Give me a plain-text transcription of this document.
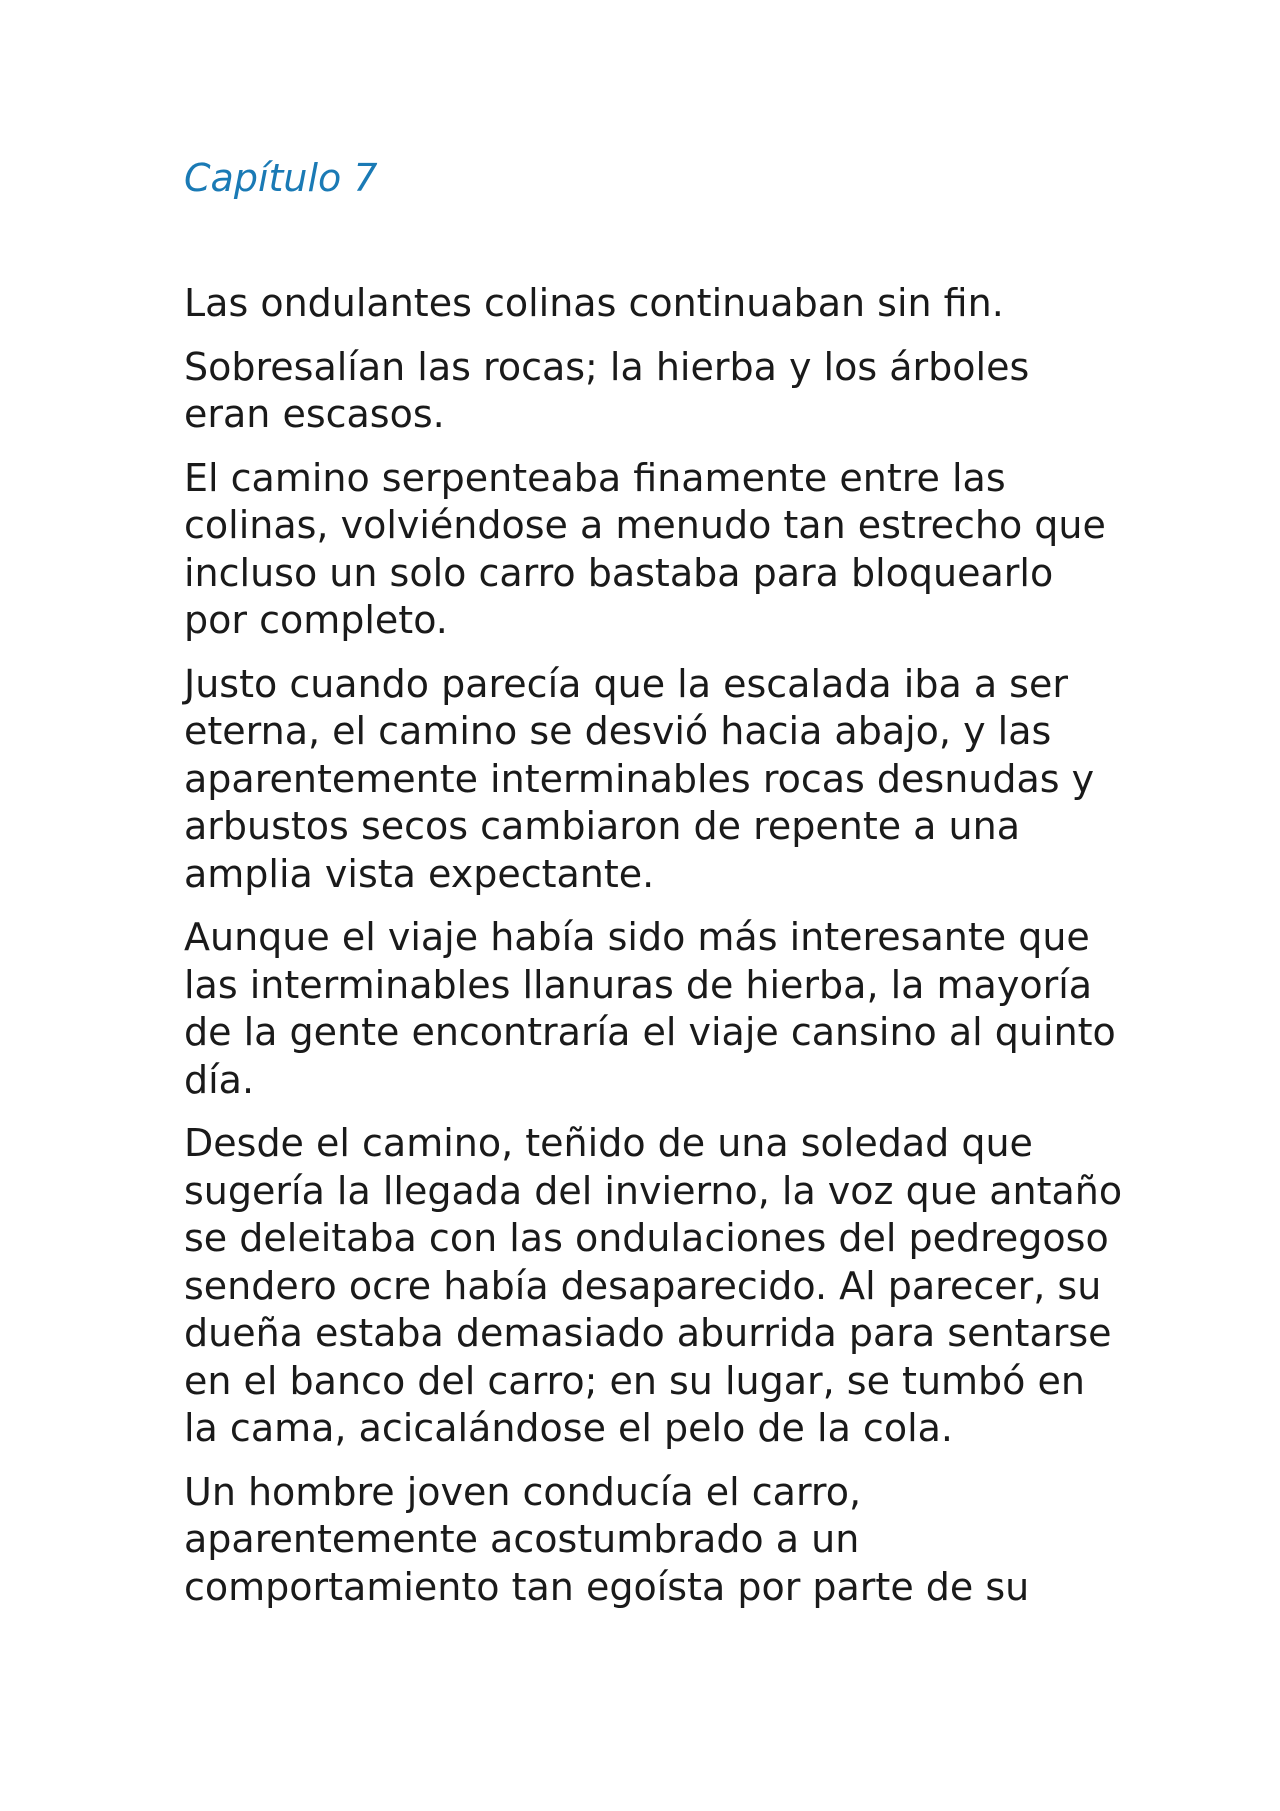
Capítulo 7

Las ondulantes colinas continuaban sin fin.

Sobresalían las rocas; la hierba y los árboles eran escasos.

El camino serpenteaba finamente entre las colinas, volviéndose a menudo tan estrecho que incluso un solo carro bastaba para bloquearlo por completo.

Justo cuando parecía que la escalada iba a ser eterna, el camino se desvió hacia abajo, y las aparentemente interminables rocas desnudas y arbustos secos cambiaron de repente a una amplia vista expectante.

Aunque el viaje había sido más interesante que las interminables llanuras de hierba, la mayoría de la gente encontraría el viaje cansino al quinto día.

Desde el camino, teñido de una soledad que sugería la llegada del invierno, la voz que antaño se deleitaba con las ondulaciones del pedregoso sendero ocre había desaparecido. Al parecer, su dueña estaba demasiado aburrida para sentarse en el banco del carro; en su lugar, se tumbó en la cama, acicalándose el pelo de la cola.

Un hombre joven conducía el carro, aparentemente acostumbrado a un comportamiento tan egoísta por parte de su
